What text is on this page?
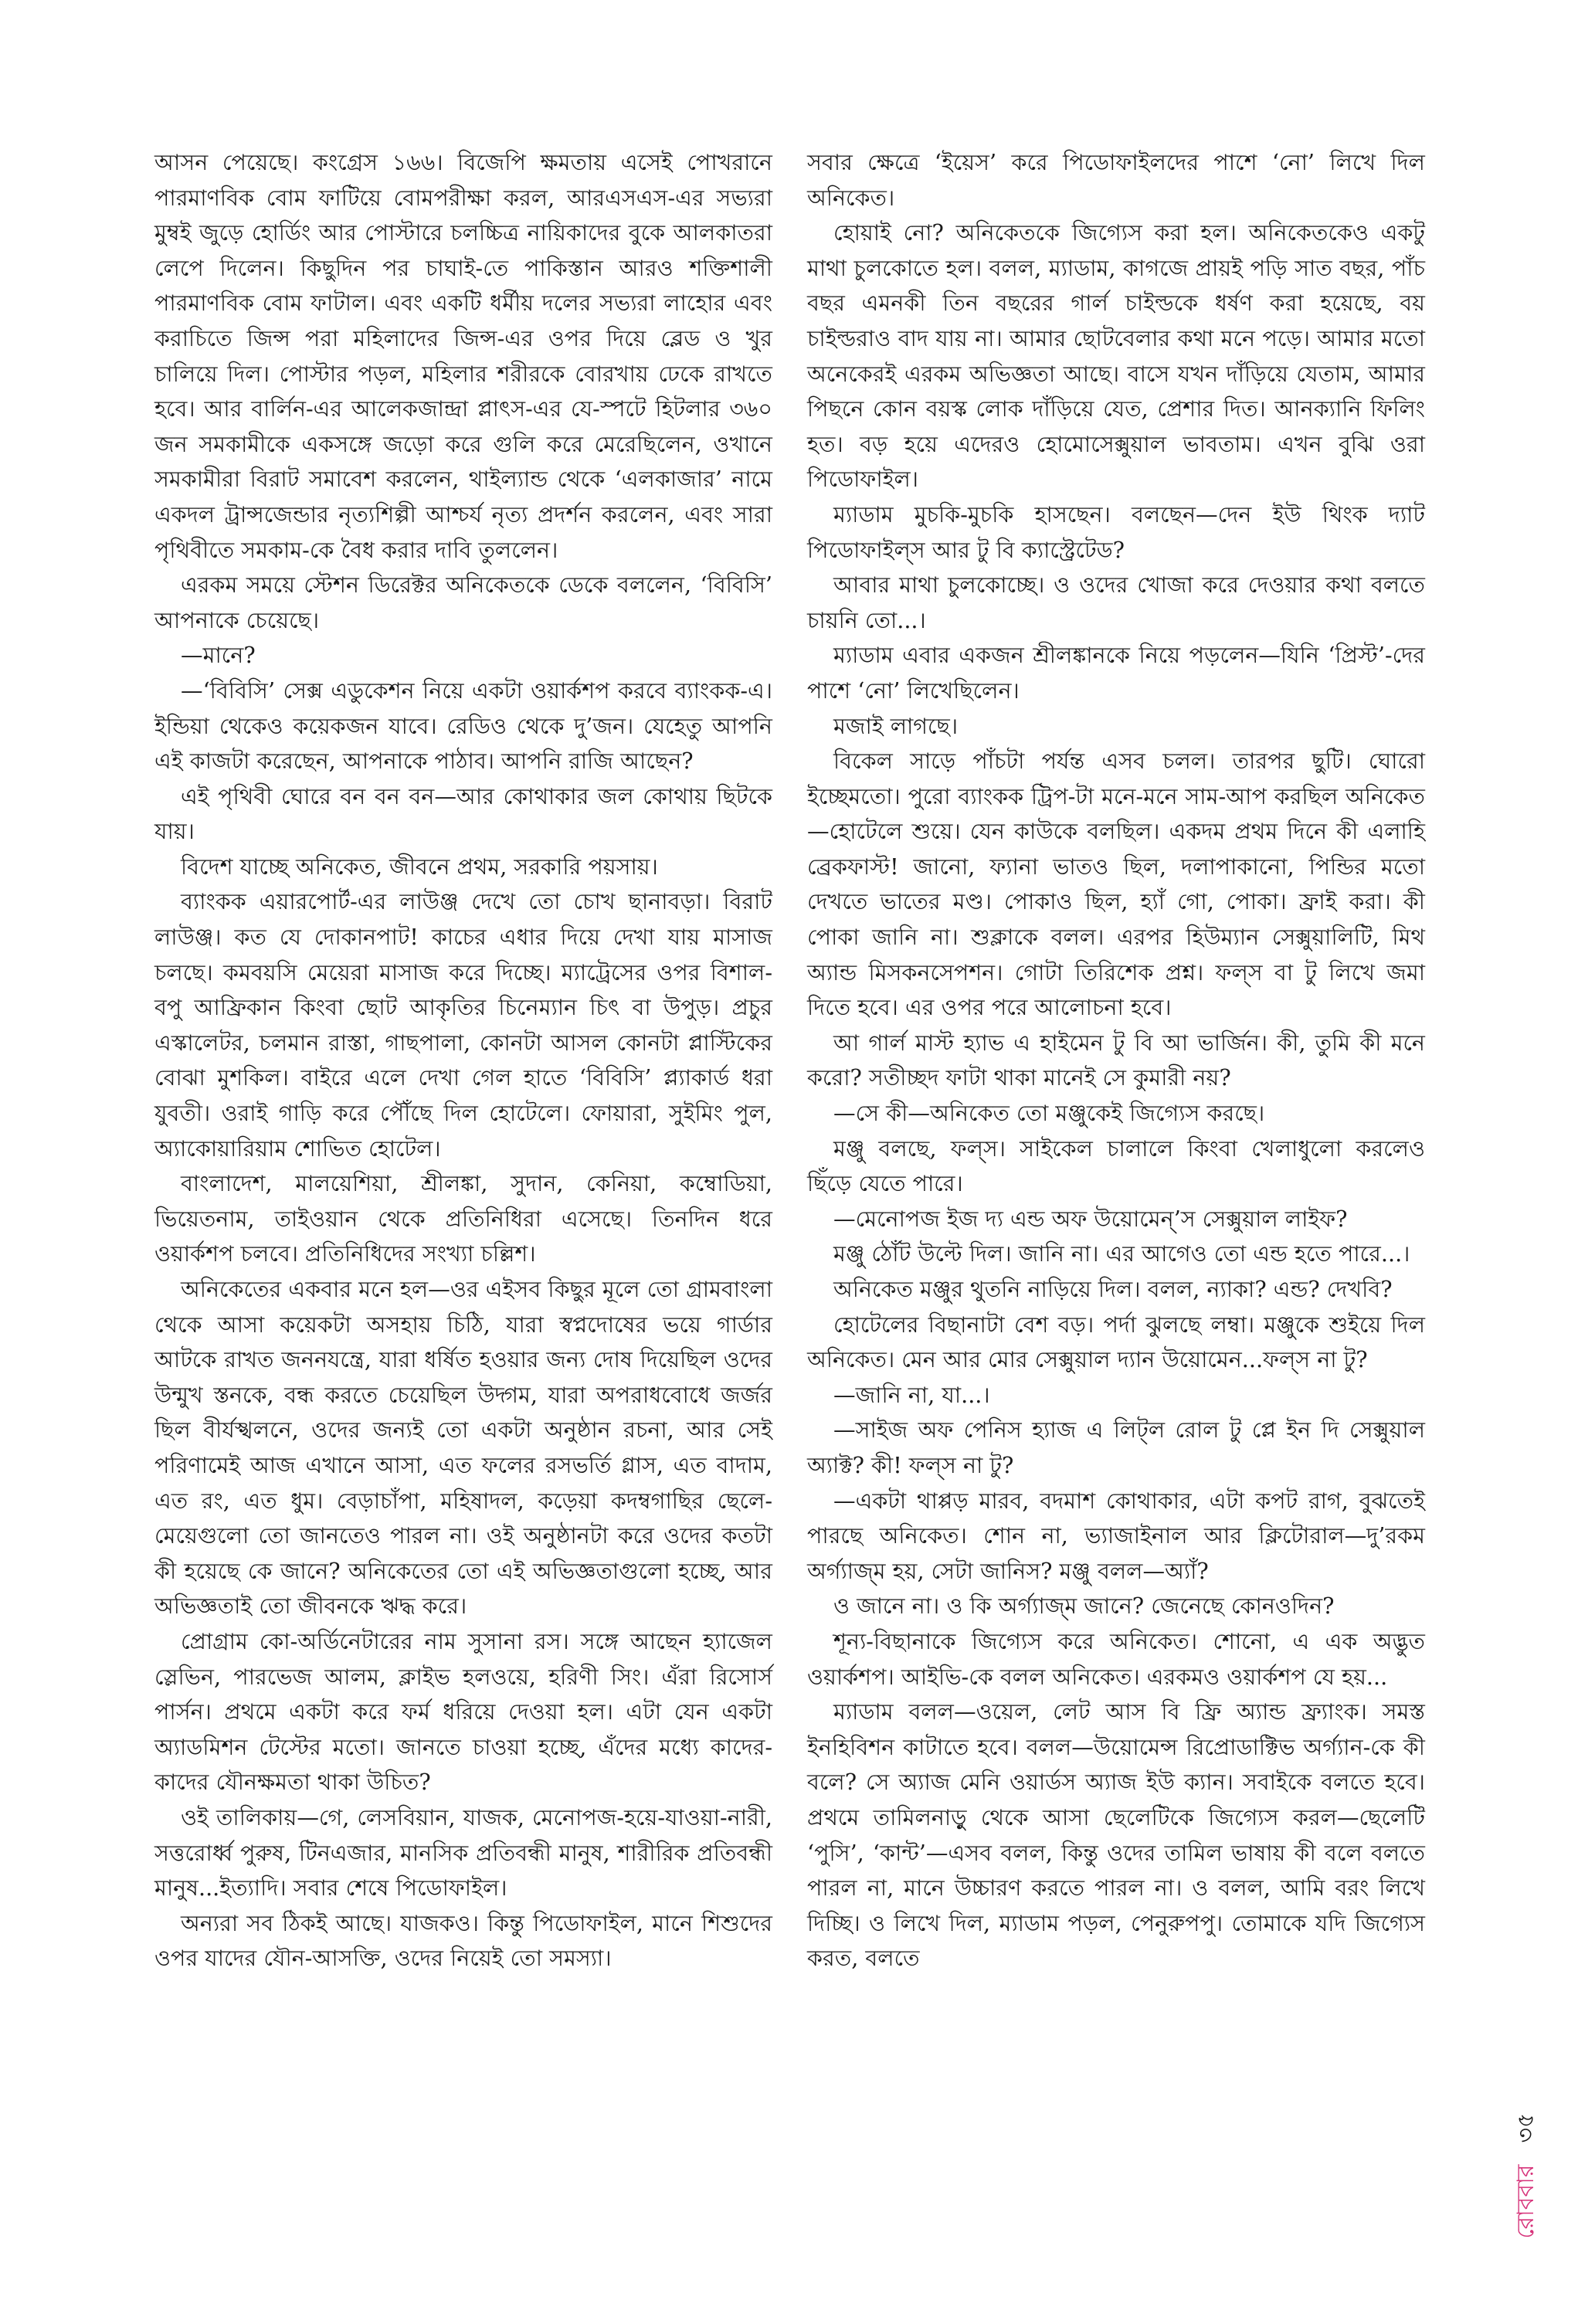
আসন পেয়েছে। কংগ্রেস ১৬৬। বিজেপি ক্ষমতায় এসেই পোখরানে পারমাণবিক বোম ফাটিয়ে বোমপরীক্ষা করল, আরএসএস-এর সভ্যরা মুম্বই জুড়ে হোর্ডিং আর পোস্টারে চলচ্চিত্র নায়িকাদের বুকে আলকাতরা লেপে দিলেন। কিছুদিন পর চাঘাই-তে পাকিস্তান আরও শক্তিশালী পারমাণবিক বোম ফাটাল। এবং একটি ধর্মীয় দলের সভ্যরা লাহোর এবং করাচিতে জিন্স পরা মহিলাদের জিন্স-এর ওপর দিয়ে ব্লেড ও খুর চালিয়ে দিল। পোস্টার পড়ল, মহিলার শরীরকে বোরখায় ঢেকে রাখতে হবে। আর বার্লিন-এর আলেকজান্দ্রা প্লাৎস-এর যে-স্পটে হিটলার ৩৬০ জন সমকামীকে একসঙ্গে জড়ো করে গুলি করে মেরেছিলেন, ওখানে সমকামীরা বিরাট সমাবেশ করলেন, থাইল্যান্ড থেকে ‘এলকাজার’ নামে একদল ট্রান্সজেন্ডার নৃত্যশিল্পী আশ্চর্য নৃত্য প্রদর্শন করলেন, এবং সারা পৃথিবীতে সমকাম-কে বৈধ করার দাবি তুললেন।

এরকম সময়ে স্টেশন ডিরেক্টর অনিকেতকে ডেকে বললেন, ‘বিবিসি’ আপনাকে চেয়েছে।

—মানে?

—‘বিবিসি’ সেক্স এডুকেশন নিয়ে একটা ওয়ার্কশপ করবে ব্যাংকক-এ। ইন্ডিয়া থেকেও কয়েকজন যাবে। রেডিও থেকে দু’জন। যেহেতু আপনি এই কাজটা করেছেন, আপনাকে পাঠাব। আপনি রাজি আছেন?

এই পৃথিবী ঘোরে বন বন বন—আর কোথাকার জল কোথায় ছিটকে যায়।

বিদেশ যাচ্ছে অনিকেত, জীবনে প্রথম, সরকারি পয়সায়।

ব্যাংকক এয়ারপোর্ট-এর লাউঞ্জ দেখে তো চোখ ছানাবড়া। বিরাট লাউঞ্জ। কত যে দোকানপাট! কাচের এধার দিয়ে দেখা যায় মাসাজ চলছে। কমবয়সি মেয়েরা মাসাজ করে দিচ্ছে। ম্যাট্রেসের ওপর বিশাল-বপু আফ্রিকান কিংবা ছোট আকৃতির চিনেম্যান চিৎ বা উপুড়। প্রচুর এস্কালেটর, চলমান রাস্তা, গাছপালা, কোনটা আসল কোনটা প্লাস্টিকের বোঝা মুশকিল। বাইরে এলে দেখা গেল হাতে ‘বিবিসি’ প্ল্যাকার্ড ধরা যুবতী। ওরাই গাড়ি করে পৌঁছে দিল হোটেলে। ফোয়ারা, সুইমিং পুল, অ্যাকোয়ারিয়াম শোভিত হোটেল।

বাংলাদেশ, মালয়েশিয়া, শ্রীলঙ্কা, সুদান, কেনিয়া, কম্বোডিয়া, ভিয়েতনাম, তাইওয়ান থেকে প্রতিনিধিরা এসেছে। তিনদিন ধরে ওয়ার্কশপ চলবে। প্রতিনিধিদের সংখ্যা চল্লিশ।

অনিকেতের একবার মনে হল—ওর এইসব কিছুর মূলে তো গ্রামবাংলা থেকে আসা কয়েকটা অসহায় চিঠি, যারা স্বপ্নদোষের ভয়ে গার্ডার আটকে রাখত জননযন্ত্রে, যারা ধর্ষিত হওয়ার জন্য দোষ দিয়েছিল ওদের উন্মুখ স্তনকে, বন্ধ করতে চেয়েছিল উদ্গম, যারা অপরাধবোধে জর্জর ছিল বীর্যস্খলনে, ওদের জন্যই তো একটা অনুষ্ঠান রচনা, আর সেই পরিণামেই আজ এখানে আসা, এত ফলের রসভর্তি গ্লাস, এত বাদাম, এত রং, এত ধুম। বেড়াচাঁপা, মহিষাদল, কড়েয়া কদম্বগাছির ছেলে-মেয়েগুলো তো জানতেও পারল না। ওই অনুষ্ঠানটা করে ওদের কতটা কী হয়েছে কে জানে? অনিকেতের তো এই অভিজ্ঞতাগুলো হচ্ছে, আর অভিজ্ঞতাই তো জীবনকে ঋদ্ধ করে।

প্রোগ্রাম কো-অর্ডিনেটারের নাম সুসানা রস। সঙ্গে আছেন হ্যাজেল স্লেভিন, পারভেজ আলম, ক্লাইভ হলওয়ে, হরিণী সিং। এঁরা রিসোর্স পার্সন। প্রথমে একটা করে ফর্ম ধরিয়ে দেওয়া হল। এটা যেন একটা অ্যাডমিশন টেস্টের মতো। জানতে চাওয়া হচ্ছে, এঁদের মধ্যে কাদের-কাদের যৌনক্ষমতা থাকা উচিত?

ওই তালিকায়—গে, লেসবিয়ান, যাজক, মেনোপজ-হয়ে-যাওয়া-নারী, সত্তরোর্ধ্ব পুরুষ, টিনএজার, মানসিক প্রতিবন্ধী মানুষ, শারীরিক প্রতিবন্ধী মানুষ...ইত্যাদি। সবার শেষে পিডোফাইল।

অন্যরা সব ঠিকই আছে। যাজকও। কিন্তু পিডোফাইল, মানে শিশুদের ওপর যাদের যৌন-আসক্তি, ওদের নিয়েই তো সমস্যা।

সবার ক্ষেত্রে ‘ইয়েস’ করে পিডোফাইলদের পাশে ‘নো’ লিখে দিল অনিকেত।

হোয়াই নো? অনিকেতকে জিগ্যেস করা হল। অনিকেতকেও একটু মাথা চুলকোতে হল। বলল, ম্যাডাম, কাগজে প্রায়ই পড়ি সাত বছর, পাঁচ বছর এমনকী তিন বছরের গার্ল চাইল্ডকে ধর্ষণ করা হয়েছে, বয় চাইল্ডরাও বাদ যায় না। আমার ছোটবেলার কথা মনে পড়ে। আমার মতো অনেকেরই এরকম অভিজ্ঞতা আছে। বাসে যখন দাঁড়িয়ে যেতাম, আমার পিছনে কোন বয়স্ক লোক দাঁড়িয়ে যেত, প্রেশার দিত। আনক্যানি ফিলিং হত। বড় হয়ে এদেরও হোমোসেক্সুয়াল ভাবতাম। এখন বুঝি ওরা পিডোফাইল।

ম্যাডাম মুচকি-মুচকি হাসছেন। বলছেন—দেন ইউ থিংক দ্যাট পিডোফাইল্স আর টু বি ক্যাস্ট্রেটেড?

আবার মাথা চুলকোচ্ছে। ও ওদের খোজা করে দেওয়ার কথা বলতে চায়নি তো...।

ম্যাডাম এবার একজন শ্রীলঙ্কানকে নিয়ে পড়লেন—যিনি ‘প্রিস্ট’-দের পাশে ‘নো’ লিখেছিলেন।

মজাই লাগছে।

বিকেল সাড়ে পাঁচটা পর্যন্ত এসব চলল। তারপর ছুটি। ঘোরো ইচ্ছেমতো। পুরো ব্যাংকক ট্রিপ-টা মনে-মনে সাম-আপ করছিল অনিকেত—হোটেলে শুয়ে। যেন কাউকে বলছিল। একদম প্রথম দিনে কী এলাহি ব্রেকফাস্ট! জানো, ফ্যানা ভাতও ছিল, দলাপাকানো, পিন্ডির মতো দেখতে ভাতের মণ্ড। পোকাও ছিল, হ্যাঁ গো, পোকা। ফ্রাই করা। কী পোকা জানি না। শুক্লাকে বলল। এরপর হিউম্যান সেক্সুয়ালিটি, মিথ অ্যান্ড মিসকনসেপশন। গোটা তিরিশেক প্রশ্ন। ফল্স বা টু লিখে জমা দিতে হবে। এর ওপর পরে আলোচনা হবে।

আ গার্ল মাস্ট হ্যাভ এ হাইমেন টু বি আ ভার্জিন। কী, তুমি কী মনে করো? সতীচ্ছদ ফাটা থাকা মানেই সে কুমারী নয়?

—সে কী—অনিকেত তো মঞ্জুকেই জিগ্যেস করছে।

মঞ্জু বলছে, ফল্স। সাইকেল চালালে কিংবা খেলাধুলো করলেও ছিঁড়ে যেতে পারে।

—মেনোপজ ইজ দ্য এন্ড অফ উয়োমেন্’স সেক্সুয়াল লাইফ?

মঞ্জু ঠোঁট উল্টে দিল। জানি না। এর আগেও তো এন্ড হতে পারে...।

অনিকেত মঞ্জুর থুতনি নাড়িয়ে দিল। বলল, ন্যাকা? এন্ড? দেখবি?

হোটেলের বিছানাটা বেশ বড়। পর্দা ঝুলছে লম্বা। মঞ্জুকে শুইয়ে দিল অনিকেত। মেন আর মোর সেক্সুয়াল দ্যান উয়োমেন...ফল্স না টু?

—জানি না, যা...।

—সাইজ অফ পেনিস হ্যাজ এ লিট্ল রোল টু প্লে ইন দি সেক্সুয়াল অ্যাক্ট? কী! ফল্স না টু?

—একটা থাপ্পড় মারব, বদমাশ কোথাকার, এটা কপট রাগ, বুঝতেই পারছে অনিকেত। শোন না, ভ্যাজাইনাল আর ক্লিটোরাল—দু’রকম অর্গ্যাজ্ম হয়, সেটা জানিস? মঞ্জু বলল—অ্যাঁ?

ও জানে না। ও কি অর্গ্যাজ্ম জানে? জেনেছে কোনওদিন?

শূন্য-বিছানাকে জিগ্যেস করে অনিকেত। শোনো, এ এক অদ্ভুত ওয়ার্কশপ। আইভি-কে বলল অনিকেত। এরকমও ওয়ার্কশপ যে হয়...

ম্যাডাম বলল—ওয়েল, লেট আস বি ফ্রি অ্যান্ড ফ্র্যাংক। সমস্ত ইনহিবিশন কাটাতে হবে। বলল—উয়োমেন্স রিপ্রোডাক্টিভ অর্গ্যান-কে কী বলে? সে অ্যাজ মেনি ওয়ার্ডস অ্যাজ ইউ ক্যান। সবাইকে বলতে হবে। প্রথমে তামিলনাড়ু থেকে আসা ছেলেটিকে জিগ্যেস করল—ছেলেটি ‘পুসি’, ‘কান্ট’—এসব বলল, কিন্তু ওদের তামিল ভাষায় কী বলে বলতে পারল না, মানে উচ্চারণ করতে পারল না। ও বলল, আমি বরং লিখে দিচ্ছি। ও লিখে দিল, ম্যাডাম পড়ল, পেনুরুপপু। তোমাকে যদি জিগ্যেস করত, বলতে

রোববার ৩৫
